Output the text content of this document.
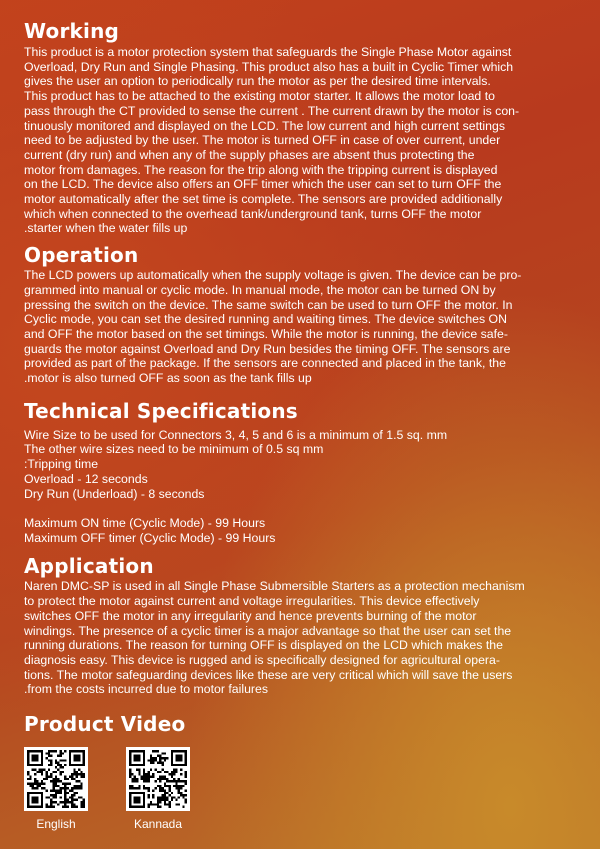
Working

This product is a motor protection system that safeguards the Single Phase Motor against
Overload, Dry Run and Single Phasing. This product also has a built in Cyclic Timer which
gives the user an option to periodically run the motor as per the desired time intervals.
This product has to be attached to the existing motor starter. It allows the motor load to
pass through the CT provided to sense the current . The current drawn by the motor is con-
tinuously monitored and displayed on the LCD. The low current and high current settings
need to be adjusted by the user. The motor is turned OFF in case of over current, under
current (dry run) and when any of the supply phases are absent thus protecting the
motor from damages. The reason for the trip along with the tripping current is displayed
on the LCD. The device also offers an OFF timer which the user can set to turn OFF the
motor automatically after the set time is complete. The sensors are provided additionally
which when connected to the overhead tank/underground tank, turns OFF the motor
.starter when the water fills up

Operation

The LCD powers up automatically when the supply voltage is given. The device can be pro-
grammed into manual or cyclic mode. In manual mode, the motor can be turned ON by
pressing the switch on the device. The same switch can be used to turn OFF the motor. In
Cyclic mode, you can set the desired running and waiting times. The device switches ON
and OFF the motor based on the set timings. While the motor is running, the device safe-
guards the motor against Overload and Dry Run besides the timing OFF. The sensors are
provided as part of the package. If the sensors are connected and placed in the tank, the
.motor is also turned OFF as soon as the tank fills up

Technical Specifications

Wire Size to be used for Connectors 3, 4, 5 and 6 is a minimum of 1.5 sq. mm
The other wire sizes need to be minimum of 0.5 sq mm
:Tripping time
Overload - 12 seconds
Dry Run (Underload) - 8 seconds

Maximum ON time (Cyclic Mode) - 99 Hours
Maximum OFF timer (Cyclic Mode) - 99 Hours

Application

Naren DMC-SP is used in all Single Phase Submersible Starters as a protection mechanism
to protect the motor against current and voltage irregularities. This device effectively
switches OFF the motor in any irregularity and hence prevents burning of the motor
windings. The presence of a cyclic timer is a major advantage so that the user can set the
running durations. The reason for turning OFF is displayed on the LCD which makes the
diagnosis easy. This device is rugged and is specifically designed for agricultural opera-
tions. The motor safeguarding devices like these are very critical which will save the users
.from the costs incurred due to motor failures

Product Video
English	Kannada
